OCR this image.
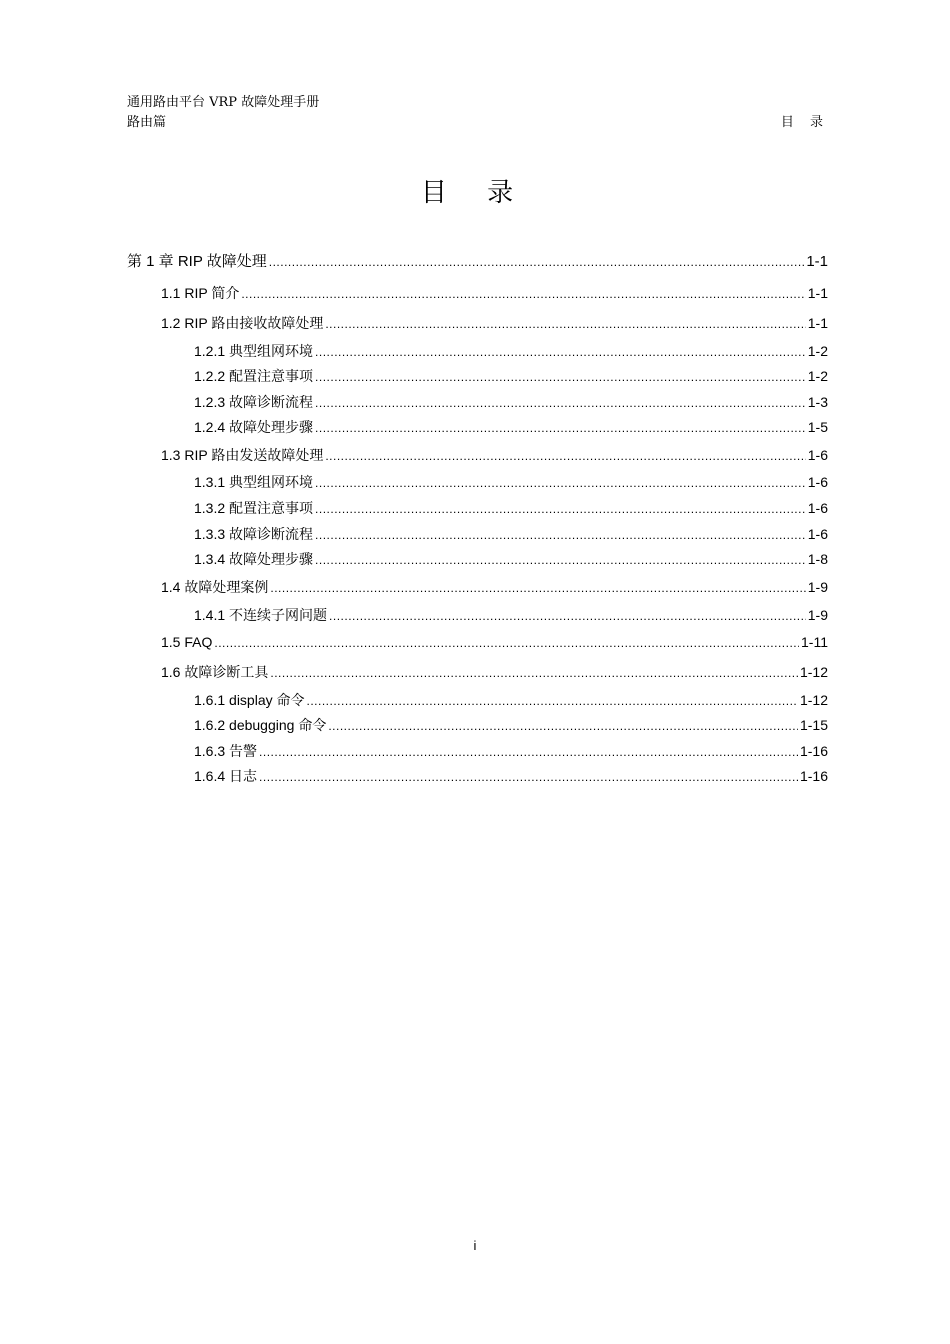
通用路由平台 VRP 故障处理手册
路由篇	目 录
目 录
第 1 章 RIP 故障处理 .....	1-1
1.1 RIP 简介 .....	1-1
1.2 RIP 路由接收故障处理 .....	1-1
1.2.1 典型组网环境 .....	1-2
1.2.2 配置注意事项 .....	1-2
1.2.3 故障诊断流程 .....	1-3
1.2.4 故障处理步骤 .....	1-5
1.3 RIP 路由发送故障处理 .....	1-6
1.3.1 典型组网环境 .....	1-6
1.3.2 配置注意事项 .....	1-6
1.3.3 故障诊断流程 .....	1-6
1.3.4 故障处理步骤 .....	1-8
1.4 故障处理案例 .....	1-9
1.4.1 不连续子网问题 .....	1-9
1.5 FAQ .....	1-11
1.6 故障诊断工具 .....	1-12
1.6.1 display 命令 .....	1-12
1.6.2 debugging 命令 .....	1-15
1.6.3 告警 .....	1-16
1.6.4 日志 .....	1-16
i
